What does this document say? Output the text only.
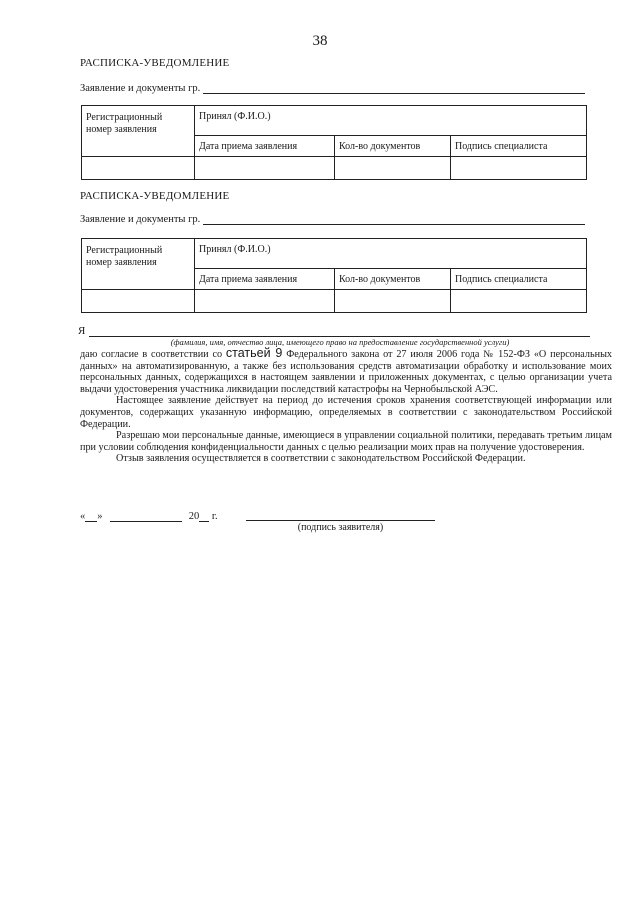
38
РАСПИСКА-УВЕДОМЛЕНИЕ
Заявление и документы гр.
Регистрационный
номер заявления	Принял (Ф.И.О.)		
	Дата приема заявления	Кол-во документов	Подпись специалиста

РАСПИСКА-УВЕДОМЛЕНИЕ
Заявление и документы гр.
Регистрационный
номер заявления	Принял (Ф.И.О.)		
	Дата приема заявления	Кол-во документов	Подпись специалиста

Я
(фамилия, имя, отчество лица, имеющего право на предоставление государственной услуги)

даю согласие в соответствии со статьей 9 Федерального закона от 27 июля 2006 года № 152-ФЗ «О персональных данных» на автоматизированную, а также без использования средств автоматизации обработку и использование моих персональных данных, содержащихся в настоящем заявлении и приложенных документах, с целью организации учета выдачи удостоверения участника ликвидации последствий катастрофы на Чернобыльской АЭС.

Настоящее заявление действует на период до истечения сроков хранения соответствующей информации или документов, содержащих указанную информацию, определяемых в соответствии с законодательством Российской Федерации.

Разрешаю мои персональные данные, имеющиеся в управлении социальной политики, передавать третьим лицам при условии соблюдения конфиденциальности данных с целью реализации моих прав на получение удостоверения.

Отзыв заявления осуществляется в соответствии с законодательством Российской Федерации.

« »	20 г.
(подпись заявителя)
